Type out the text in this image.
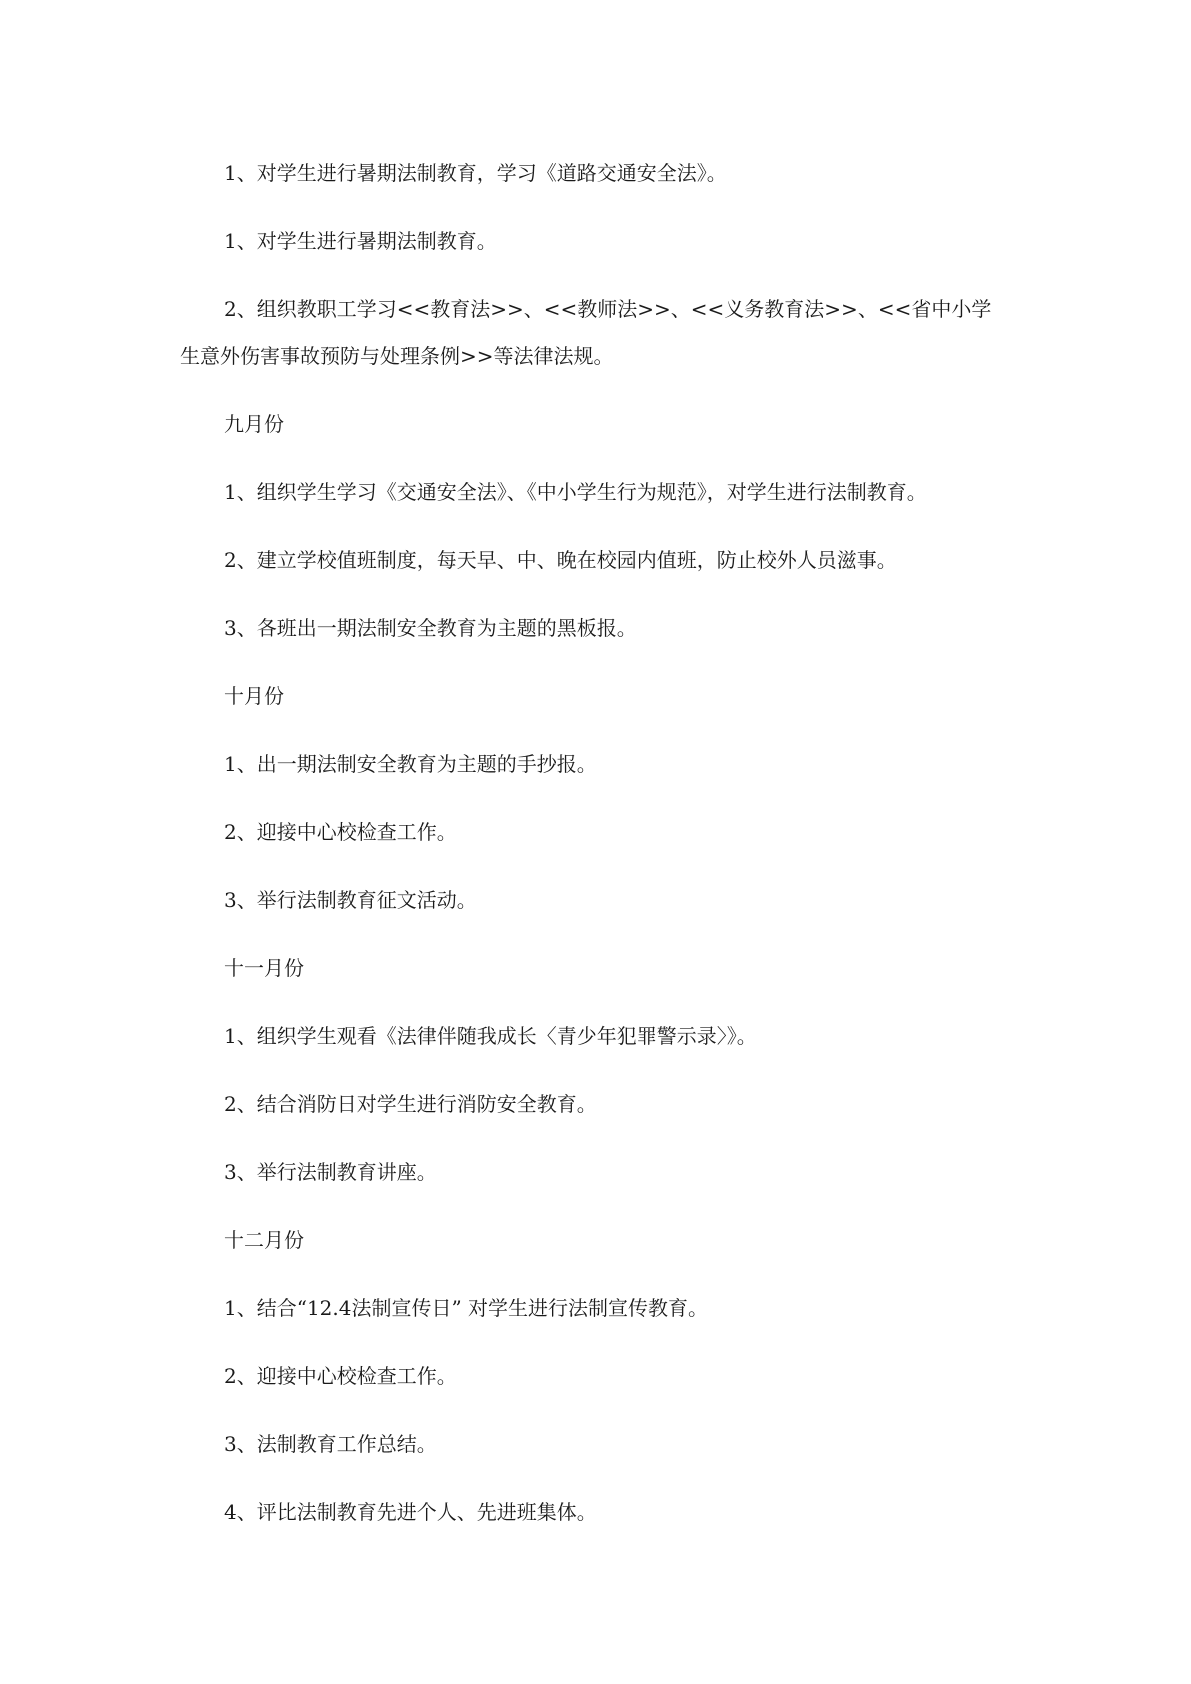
1、对学生进行暑期法制教育，学习《道路交通安全法》。

1、对学生进行暑期法制教育。

2、组织教职工学习<<教育法>>、<<教师法>>、<<义务教育法>>、<<省中小学生意外伤害事故预防与处理条例>>等法律法规。

九月份

1、组织学生学习《交通安全法》、《中小学生行为规范》，对学生进行法制教育。

2、建立学校值班制度，每天早、中、晚在校园内值班，防止校外人员滋事。

3、各班出一期法制安全教育为主题的黑板报。

十月份

1、出一期法制安全教育为主题的手抄报。

2、迎接中心校检查工作。

3、举行法制教育征文活动。

十一月份

1、组织学生观看《法律伴随我成长〈青少年犯罪警示录〉》。

2、结合消防日对学生进行消防安全教育。

3、举行法制教育讲座。

十二月份

1、结合“12.4法制宣传日” 对学生进行法制宣传教育。

2、迎接中心校检查工作。

3、法制教育工作总结。

4、评比法制教育先进个人、先进班集体。
